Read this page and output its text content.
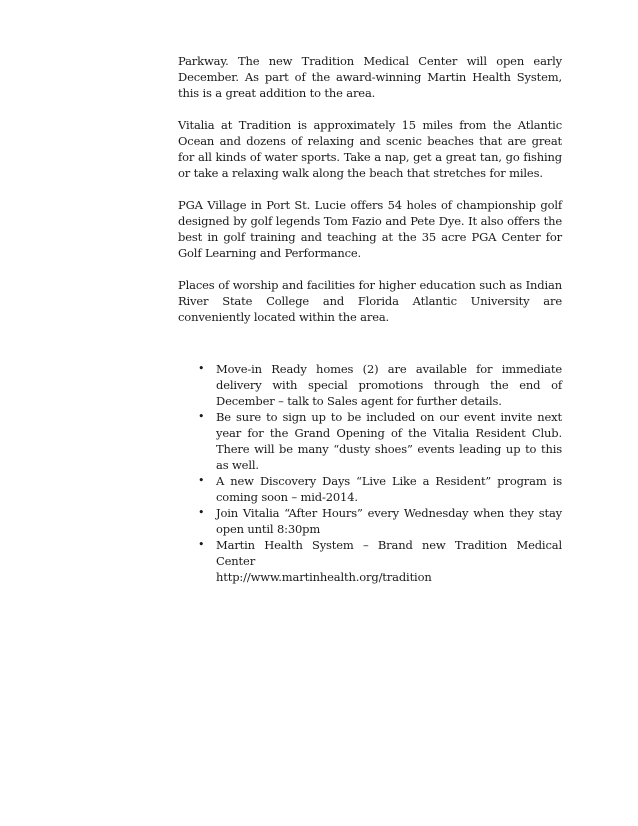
Parkway. The new Tradition Medical Center will open early December. As part of the award-winning Martin Health System, this is a great addition to the area.

Vitalia at Tradition is approximately 15 miles from the Atlantic Ocean and dozens of relaxing and scenic beaches that are great for all kinds of water sports. Take a nap, get a great tan, go fishing or take a relaxing walk along the beach that stretches for miles.

PGA Village in Port St. Lucie offers 54 holes of championship golf designed by golf legends Tom Fazio and Pete Dye. It also offers the best in golf training and teaching at the 35 acre PGA Center for Golf Learning and Performance.

Places of worship and facilities for higher education such as Indian River State College and Florida Atlantic University are conveniently located within the area.

• Move-in Ready homes (2) are available for immediate delivery with special promotions through the end of December – talk to Sales agent for further details.
• Be sure to sign up to be included on our event invite next year for the Grand Opening of the Vitalia Resident Club. There will be many “dusty shoes” events leading up to this as well.
• A new Discovery Days “Live Like a Resident” program is coming soon – mid-2014.
• Join Vitalia “After Hours” every Wednesday when they stay open until 8:30pm
• Martin Health System – Brand new Tradition Medical Center
http://www.martinhealth.org/tradition
